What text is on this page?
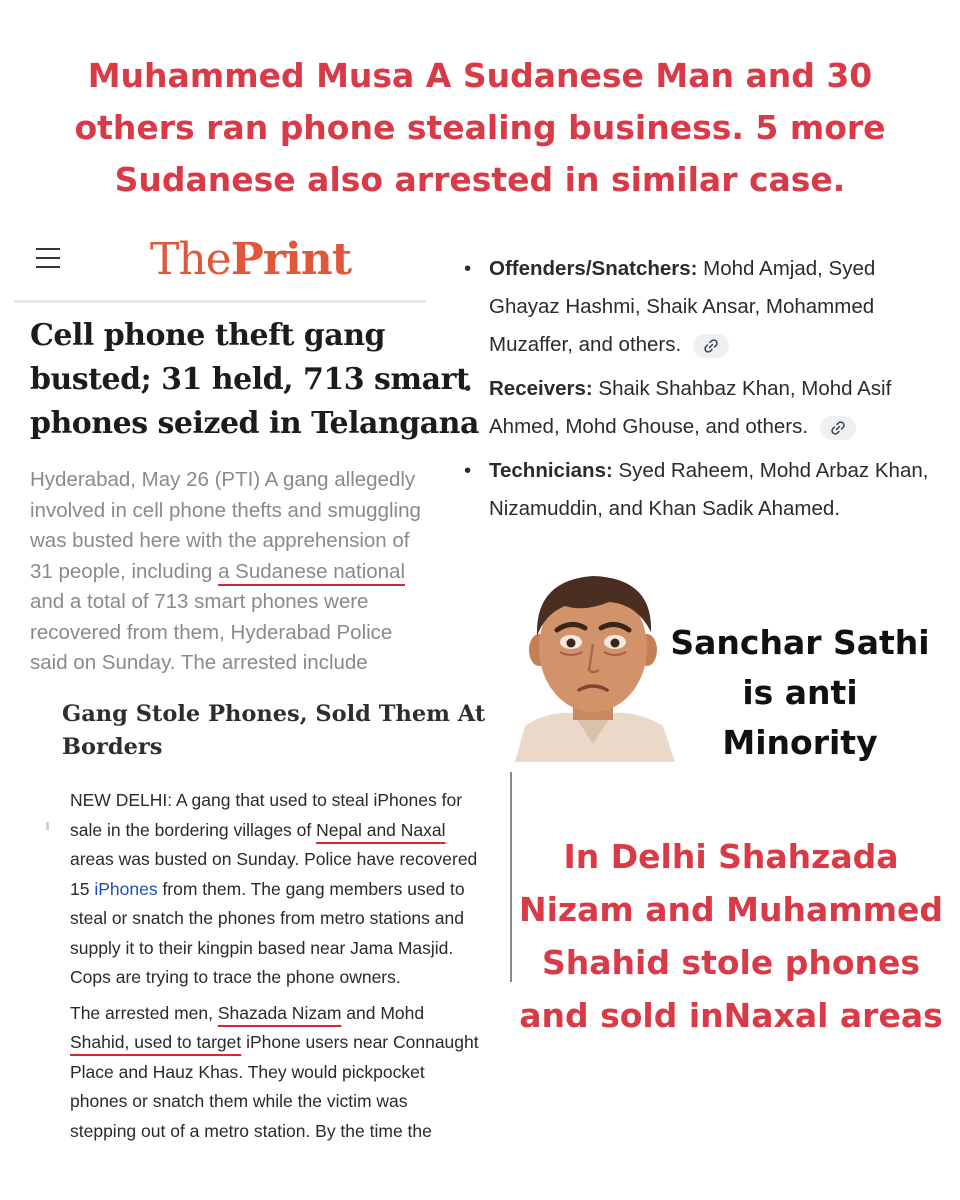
Muhammed Musa A Sudanese Man and 30
others ran phone stealing business. 5 more
Sudanese also arrested in similar case.
ThePrint
Cell phone theft gang
busted; 31 held, 713 smart
phones seized in Telangana
Hyderabad, May 26 (PTI) A gang allegedly
involved in cell phone thefts and smuggling
was busted here with the apprehension of
31 people, including a Sudanese national
and a total of 713 smart phones were
recovered from them, Hyderabad Police
said on Sunday. The arrested include
• Offenders/Snatchers: Mohd Amjad, Syed Ghayaz Hashmi, Shaik Ansar, Mohammed Muzaffer, and others.
• Receivers: Shaik Shahbaz Khan, Mohd Asif Ahmed, Mohd Ghouse, and others.
• Technicians: Syed Raheem, Mohd Arbaz Khan, Nizamuddin, and Khan Sadik Ahamed.
Sanchar Sathi
is anti Minority
Gang Stole Phones, Sold Them At Borders

NEW DELHI: A gang that used to steal iPhones for
sale in the bordering villages of Nepal and Naxal
areas was busted on Sunday. Police have recovered
15 iPhones from them. The gang members used to
steal or snatch the phones from metro stations and
supply it to their kingpin based near Jama Masjid.
Cops are trying to trace the phone owners.

The arrested men, Shazada Nizam and Mohd
Shahid, used to target iPhone users near Connaught
Place and Hauz Khas. They would pickpocket
phones or snatch them while the victim was
stepping out of a metro station. By the time the

In Delhi Shahzada
Nizam and Muhammed
Shahid stole phones
and sold inNaxal areas
